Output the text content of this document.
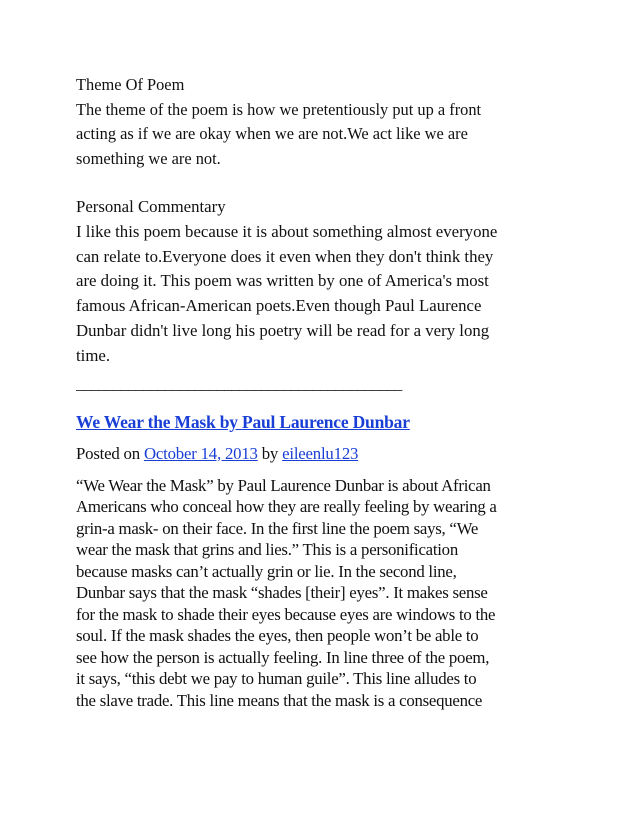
Theme Of Poem
The theme of the poem is how we pretentiously put up a front
acting as if we are okay when we are not.We act like we are
something we are not.
Personal Commentary
I like this poem because it is about something almost everyone
can relate to.Everyone does it even when they don't think they
are doing it. This poem was written by one of America's most
famous African-American poets.Even though Paul Laurence
Dunbar didn't live long his poetry will be read for a very long
time.
____________________________________________
We Wear the Mask by Paul Laurence Dunbar
Posted on October 14, 2013 by eileenlu123
“We Wear the Mask” by Paul Laurence Dunbar is about African
Americans who conceal how they are really feeling by wearing a
grin-a mask- on their face. In the first line the poem says, “We
wear the mask that grins and lies.” This is a personification
because masks can’t actually grin or lie. In the second line,
Dunbar says that the mask “shades [their] eyes”. It makes sense
for the mask to shade their eyes because eyes are windows to the
soul. If the mask shades the eyes, then people won’t be able to
see how the person is actually feeling. In line three of the poem,
it says, “this debt we pay to human guile”. This line alludes to
the slave trade. This line means that the mask is a consequence
